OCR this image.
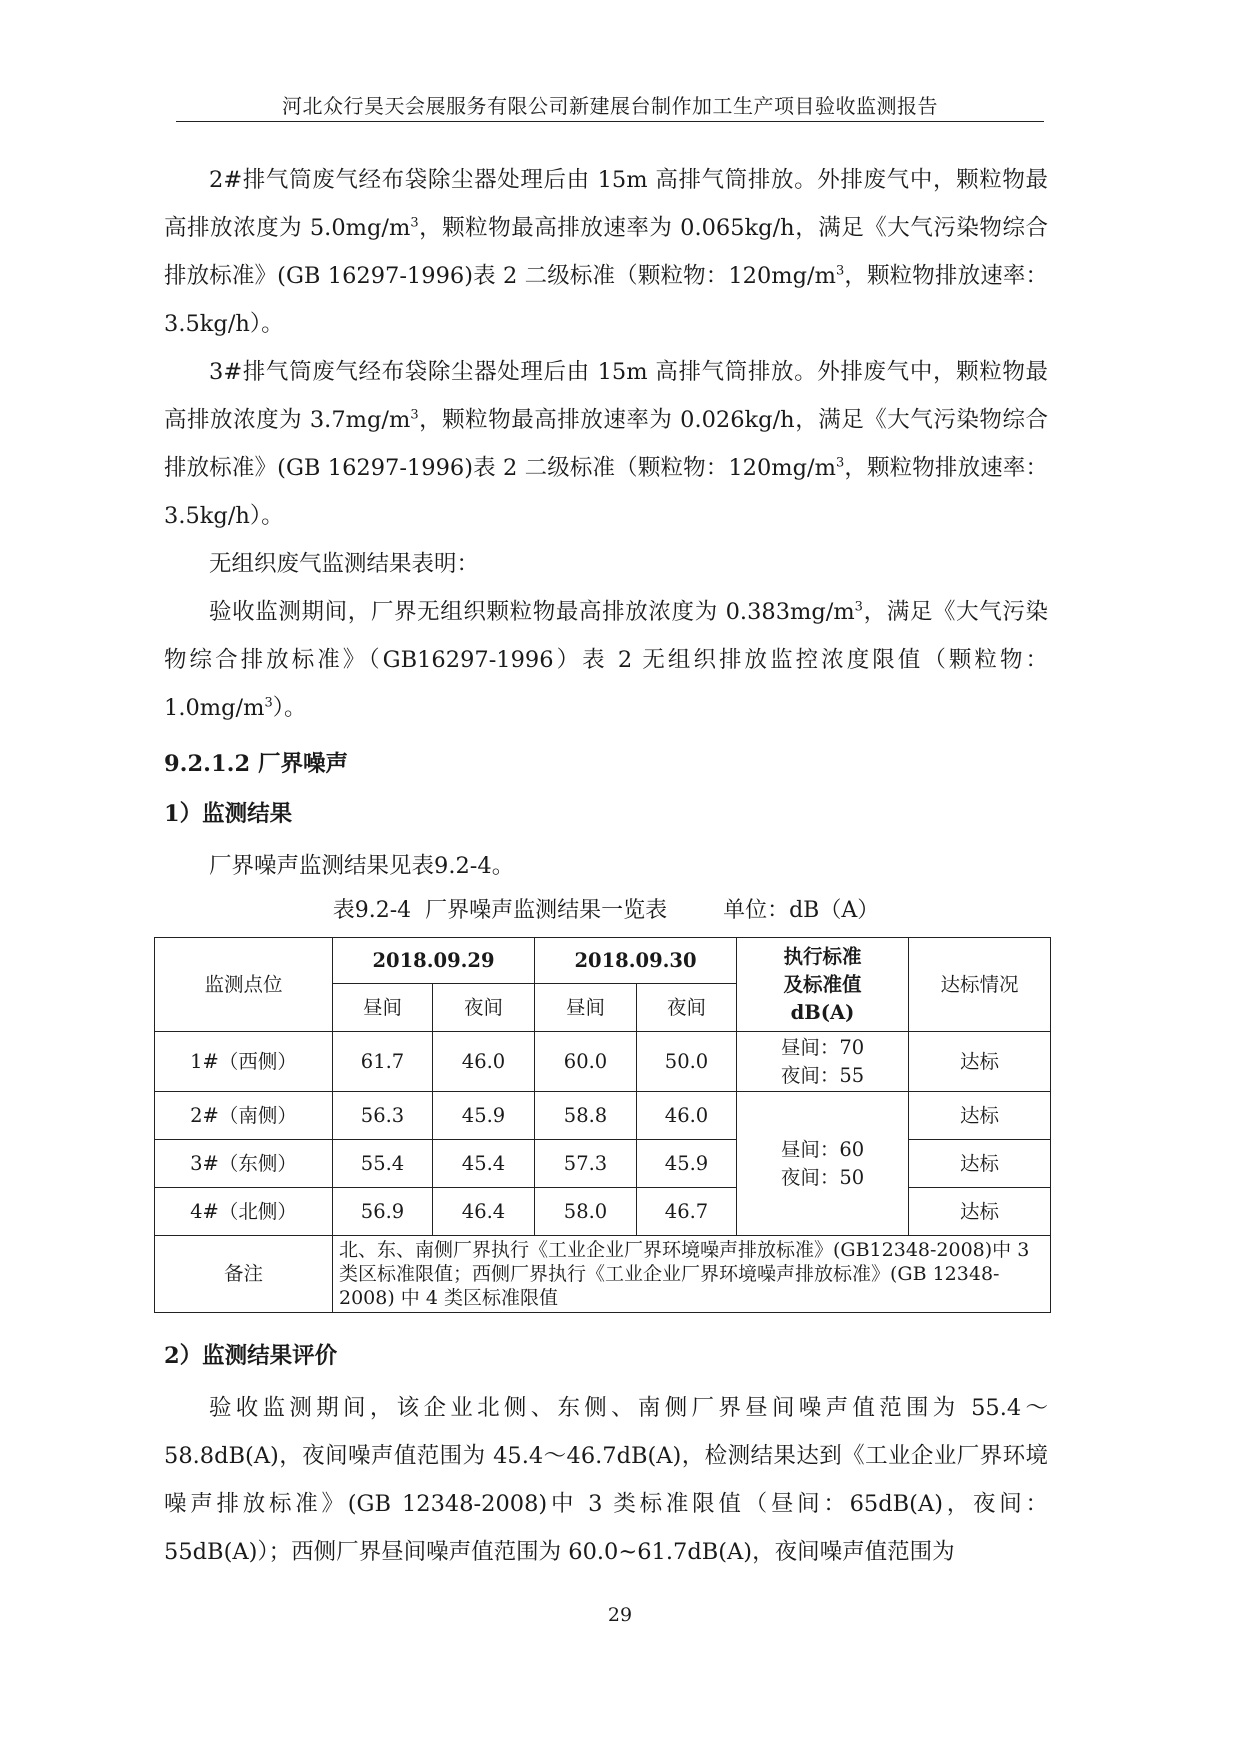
河北众行昊天会展服务有限公司新建展台制作加工生产项目验收监测报告

2#排气筒废气经布袋除尘器处理后由 15m 高排气筒排放。外排废气中，颗粒物最高排放浓度为 $5.0mg/m^3$，颗粒物最高排放速率为 0.065kg/h，满足《大气污染物综合排放标准》(GB 16297-1996)表 2 二级标准（颗粒物：$120mg/m^3$，颗粒物排放速率：3.5kg/h）。

3#排气筒废气经布袋除尘器处理后由 15m 高排气筒排放。外排废气中，颗粒物最高排放浓度为 $3.7mg/m^3$，颗粒物最高排放速率为 0.026kg/h，满足《大气污染物综合排放标准》(GB 16297-1996)表 2 二级标准（颗粒物：$120mg/m^3$，颗粒物排放速率：3.5kg/h）。

无组织废气监测结果表明：

验收监测期间，厂界无组织颗粒物最高排放浓度为 $0.383mg/m^3$，满足《大气污染物综合排放标准》（GB16297-1996）表 2 无组织排放监控浓度限值（颗粒物：$1.0mg/m^3$）。

9.2.1.2 厂界噪声
1）监测结果
厂界噪声监测结果见表9.2-4。
表9.2-4  厂界噪声监测结果一览表        单位：dB（A）
监测点位	2018.09.29		2018.09.30		执行标准
及标准值
dB(A)	达标情况
	昼间	夜间	昼间	夜间		
1#（西侧）	61.7	46.0	60.0	50.0	昼间：70
夜间：55	达标
2#（南侧）	56.3	45.9	58.8	46.0	昼间：60
夜间：50	达标
3#（东侧）	55.4	45.4	57.3	45.9		达标
4#（北侧）	56.9	46.4	58.0	46.7		达标
备注	北、东、南侧厂界执行《工业企业厂界环境噪声排放标准》(GB12348-2008)中 3 类区标准限值；西侧厂界执行《工业企业厂界环境噪声排放标准》(GB 12348-2008) 中 4 类区标准限值					
2）监测结果评价

验收监测期间，该企业北侧、东侧、南侧厂界昼间噪声值范围为 55.4～58.8dB(A)，夜间噪声值范围为 45.4～46.7dB(A)，检测结果达到《工业企业厂界环境噪声排放标准》(GB 12348-2008)中 3 类标准限值（昼间：65dB(A)，夜间：55dB(A)）；西侧厂界昼间噪声值范围为 60.0~61.7dB(A)，夜间噪声值范围为

29
